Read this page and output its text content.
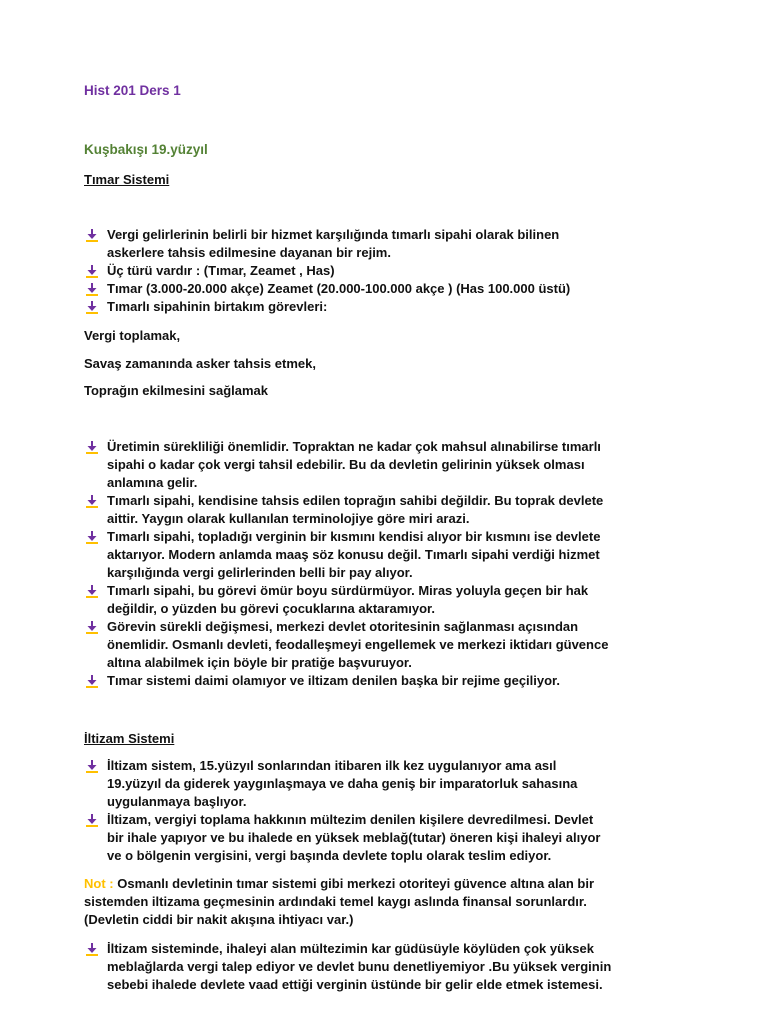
Hist 201 Ders 1
Kuşbakışı 19.yüzyıl
Tımar Sistemi
Vergi gelirlerinin belirli bir hizmet karşılığında tımarlı sipahi olarak bilinen
askerlere tahsis edilmesine dayanan bir rejim.
Üç türü vardır : (Tımar, Zeamet , Has)
Tımar (3.000-20.000 akçe) Zeamet (20.000-100.000 akçe ) (Has 100.000 üstü)
Tımarlı sipahinin birtakım görevleri:
Vergi toplamak,
Savaş zamanında asker tahsis etmek,
Toprağın ekilmesini sağlamak
Üretimin sürekliliği önemlidir. Topraktan ne kadar çok mahsul alınabilirse tımarlı
sipahi o kadar çok vergi tahsil edebilir. Bu da devletin gelirinin yüksek olması
anlamına gelir.
Tımarlı sipahi, kendisine tahsis edilen toprağın sahibi değildir. Bu toprak devlete
aittir. Yaygın olarak kullanılan terminolojiye göre miri arazi.
Tımarlı sipahi, topladığı verginin bir kısmını kendisi alıyor bir kısmını ise devlete
aktarıyor. Modern anlamda maaş söz konusu değil. Tımarlı sipahi verdiği hizmet
karşılığında vergi gelirlerinden belli bir pay alıyor.
Tımarlı sipahi, bu görevi ömür boyu sürdürmüyor. Miras yoluyla geçen bir hak
değildir, o yüzden bu görevi çocuklarına aktaramıyor.
Görevin sürekli değişmesi, merkezi devlet otoritesinin sağlanması açısından
önemlidir. Osmanlı devleti, feodalleşmeyi engellemek ve merkezi iktidarı güvence
altına alabilmek için böyle bir pratiğe başvuruyor.
Tımar sistemi daimi olamıyor ve iltizam denilen başka bir rejime geçiliyor.
İltizam Sistemi
İltizam sistem, 15.yüzyıl sonlarından itibaren ilk kez uygulanıyor ama asıl
19.yüzyıl da giderek yaygınlaşmaya ve daha geniş bir imparatorluk sahasına
uygulanmaya başlıyor.
İltizam, vergiyi toplama hakkının mültezim denilen kişilere devredilmesi. Devlet
bir ihale yapıyor ve bu ihalede en yüksek meblağ(tutar) öneren kişi ihaleyi alıyor
ve o bölgenin vergisini, vergi başında devlete toplu olarak teslim ediyor.
Not : Osmanlı devletinin tımar sistemi gibi merkezi otoriteyi güvence altına alan bir
sistemden iltizama geçmesinin ardındaki temel kaygı aslında finansal sorunlardır.
(Devletin ciddi bir nakit akışına ihtiyacı var.)
İltizam sisteminde, ihaleyi alan mültezimin kar güdüsüyle köylüden çok yüksek
meblağlarda vergi talep ediyor ve devlet bunu denetliyemiyor .Bu yüksek verginin
sebebi ihalede devlete vaad ettiği verginin üstünde bir gelir elde etmek istemesi.
